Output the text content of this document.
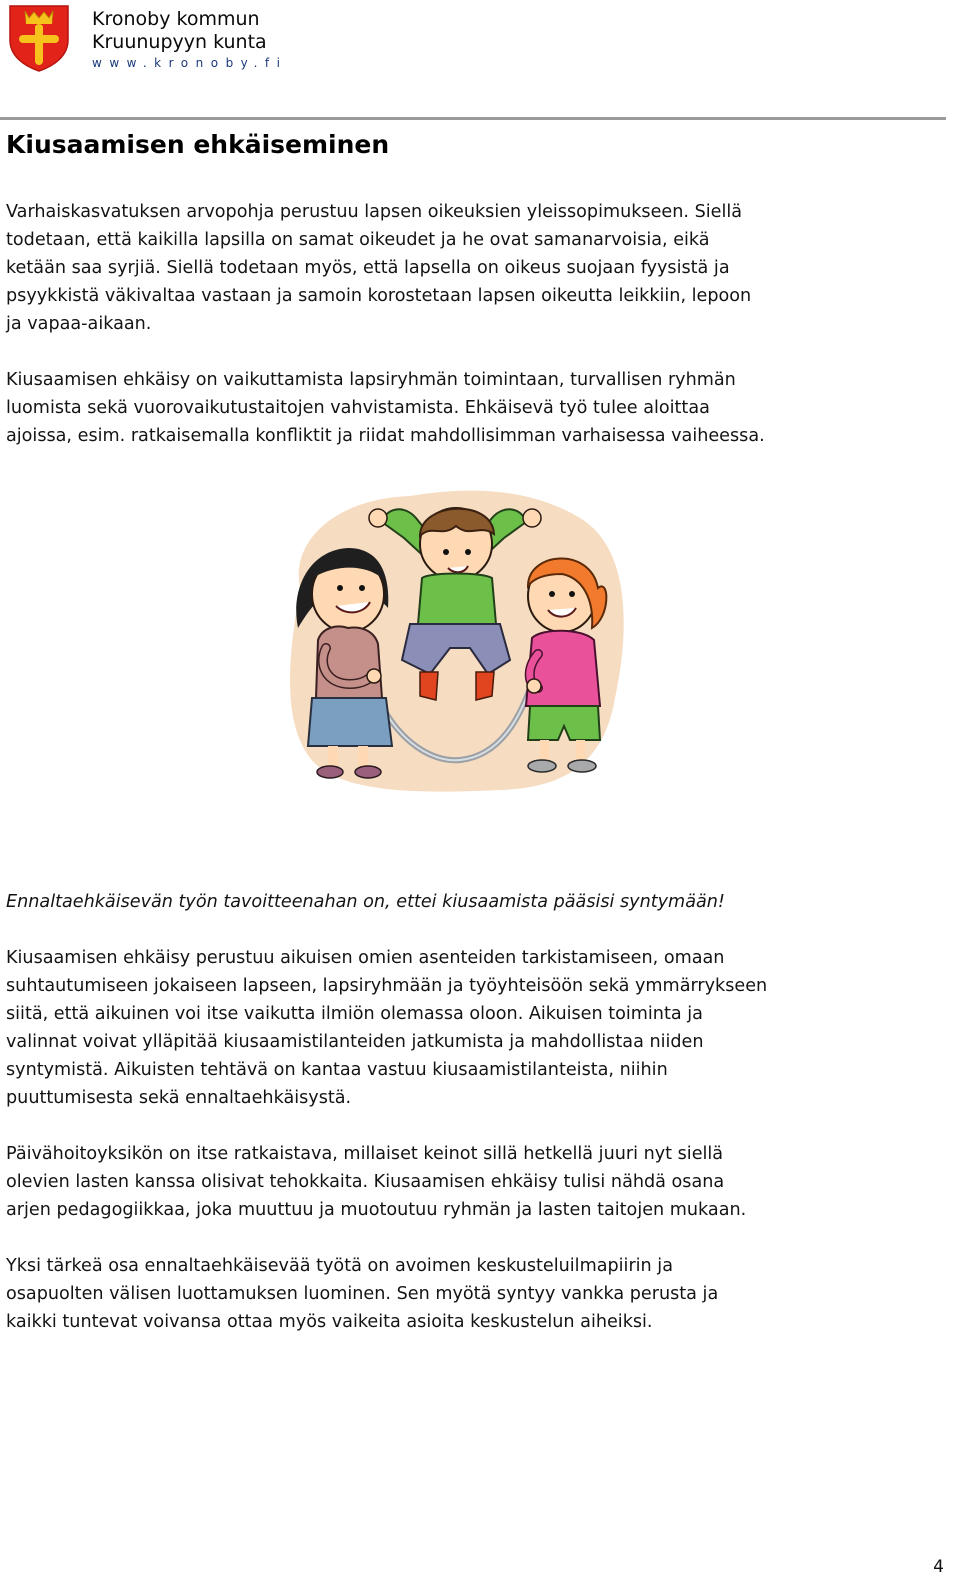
Kronoby kommun
Kruunupyyn kunta
www.kronoby.fi
Kiusaamisen ehkäiseminen
Varhaiskasvatuksen arvopohja perustuu lapsen oikeuksien yleissopimukseen. Siellä
todetaan, että kaikilla lapsilla on samat oikeudet ja he ovat samanarvoisia, eikä
ketään saa syrjiä. Siellä todetaan myös, että lapsella on oikeus suojaan fyysistä ja
psyykkistä väkivaltaa vastaan ja samoin korostetaan lapsen oikeutta leikkiin, lepoon
ja vapaa-aikaan.
Kiusaamisen ehkäisy on vaikuttamista lapsiryhmän toimintaan, turvallisen ryhmän
luomista sekä vuorovaikutustaitojen vahvistamista. Ehkäisevä työ tulee aloittaa
ajoissa, esim. ratkaisemalla konfliktit ja riidat mahdollisimman varhaisessa vaiheessa.
Ennaltaehkäisevän työn tavoitteenahan on, ettei kiusaamista pääsisi syntymään!
Kiusaamisen ehkäisy perustuu aikuisen omien asenteiden tarkistamiseen, omaan
suhtautumiseen jokaiseen lapseen, lapsiryhmään ja työyhteisöön sekä ymmärrykseen
siitä, että aikuinen voi itse vaikutta ilmiön olemassa oloon. Aikuisen toiminta ja
valinnat voivat ylläpitää kiusaamistilanteiden jatkumista ja mahdollistaa niiden
syntymistä. Aikuisten tehtävä on kantaa vastuu kiusaamistilanteista, niihin
puuttumisesta sekä ennaltaehkäisystä.
Päivähoitoyksikön on itse ratkaistava, millaiset keinot sillä hetkellä juuri nyt siellä
olevien lasten kanssa olisivat tehokkaita. Kiusaamisen ehkäisy tulisi nähdä osana
arjen pedagogiikkaa, joka muuttuu ja muotoutuu ryhmän ja lasten taitojen mukaan.
Yksi tärkeä osa ennaltaehkäisevää työtä on avoimen keskusteluilmapiirin ja
osapuolten välisen luottamuksen luominen. Sen myötä syntyy vankka perusta ja
kaikki tuntevat voivansa ottaa myös vaikeita asioita keskustelun aiheiksi.
4
